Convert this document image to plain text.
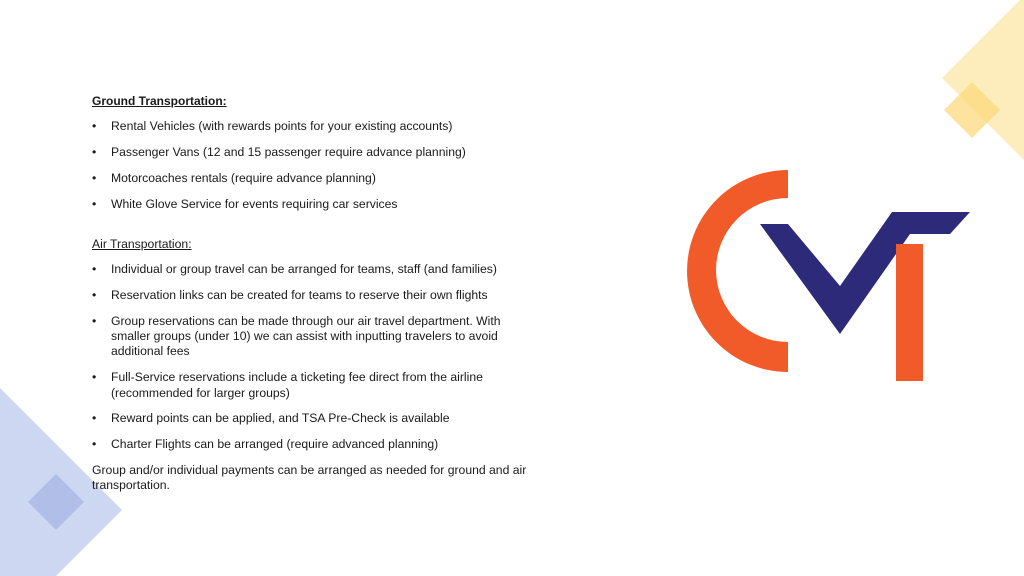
Ground Transportation:

• Rental Vehicles (with rewards points for your existing accounts)
• Passenger Vans (12 and 15 passenger require advance planning)
• Motorcoaches rentals (require advance planning)
• White Glove Service for events requiring car services

Air Transportation:

• Individual or group travel can be arranged for teams, staff (and families)
• Reservation links can be created for teams to reserve their own flights
• Group reservations can be made through our air travel department. With smaller groups (under 10) we can assist with inputting travelers to avoid additional fees
• Full-Service reservations include a ticketing fee direct from the airline (recommended for larger groups)
• Reward points can be applied, and TSA Pre-Check is available
• Charter Flights can be arranged (require advanced planning)

Group and/or individual payments can be arranged as needed for ground and air transportation.
